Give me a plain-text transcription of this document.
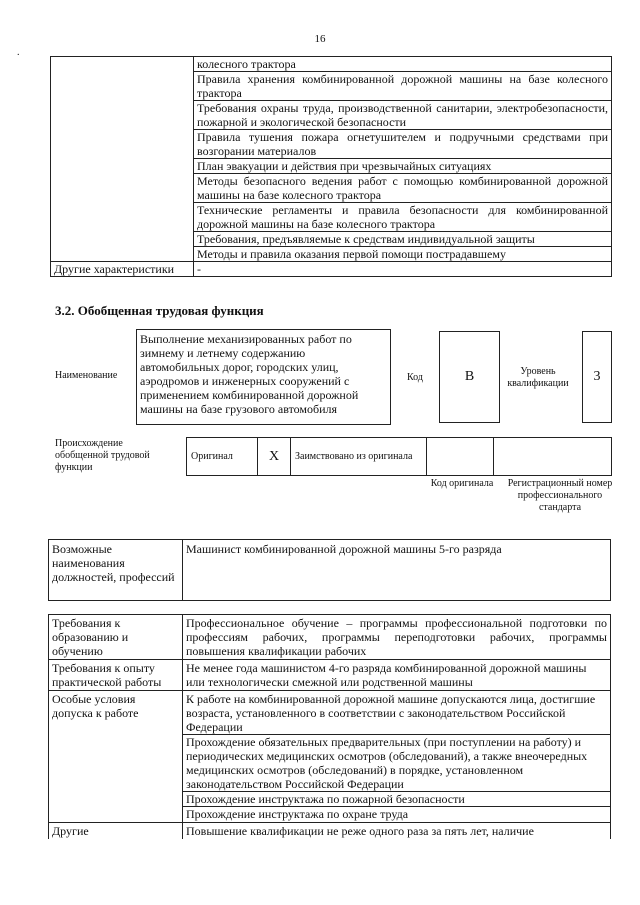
16
.
	колесного трактора
	Правила хранения комбинированной дорожной машины на базе колесного трактора
	Требования охраны труда, производственной санитарии, электробезопасности, пожарной и экологической безопасности
	Правила тушения пожара огнетушителем и подручными средствами при возгорании материалов
	План эвакуации и действия при чрезвычайных ситуациях
	Методы безопасного ведения работ с помощью комбинированной дорожной машины на базе колесного трактора
	Технические регламенты и правила безопасности для комбинированной дорожной машины на базе колесного трактора
	Требования, предъявляемые к средствам индивидуальной защиты
	Методы и правила оказания первой помощи пострадавшему
Другие характеристики	-
3.2. Обобщенная трудовая функция
Наименование
Выполнение механизированных работ по зимнему и летнему содержанию автомобильных дорог, городских улиц, аэродромов и инженерных сооружений с применением комбинированной дорожной машины на базе грузового автомобиля
Код	B	Уровень квалификации	3
Происхождение обобщенной трудовой функции
Оригинал	X	Заимствовано из оригинала		
Код оригинала	Регистрационный номер профессионального стандарта
Возможные наименования должностей, профессий	Машинист комбинированной дорожной машины 5-го разряда
Требования к образованию и обучению	Профессиональное обучение – программы профессиональной подготовки по профессиям рабочих, программы переподготовки рабочих, программы повышения квалификации рабочих
Требования к опыту практической работы	Не менее года машинистом 4-го разряда комбинированной дорожной машины или технологически смежной или родственной машины
Особые условия допуска к работе	К работе на комбинированной дорожной машине допускаются лица, достигшие возраста, установленного в соответствии с законодательством Российской Федерации
Прохождение обязательных предварительных (при поступлении на работу) и периодических медицинских осмотров (обследований), а также внеочередных медицинских осмотров (обследований) в порядке, установленном законодательством Российской Федерации
Прохождение инструктажа по пожарной безопасности
Прохождение инструктажа по охране труда

Другие	Повышение квалификации не реже одного раза за пять лет, наличие
